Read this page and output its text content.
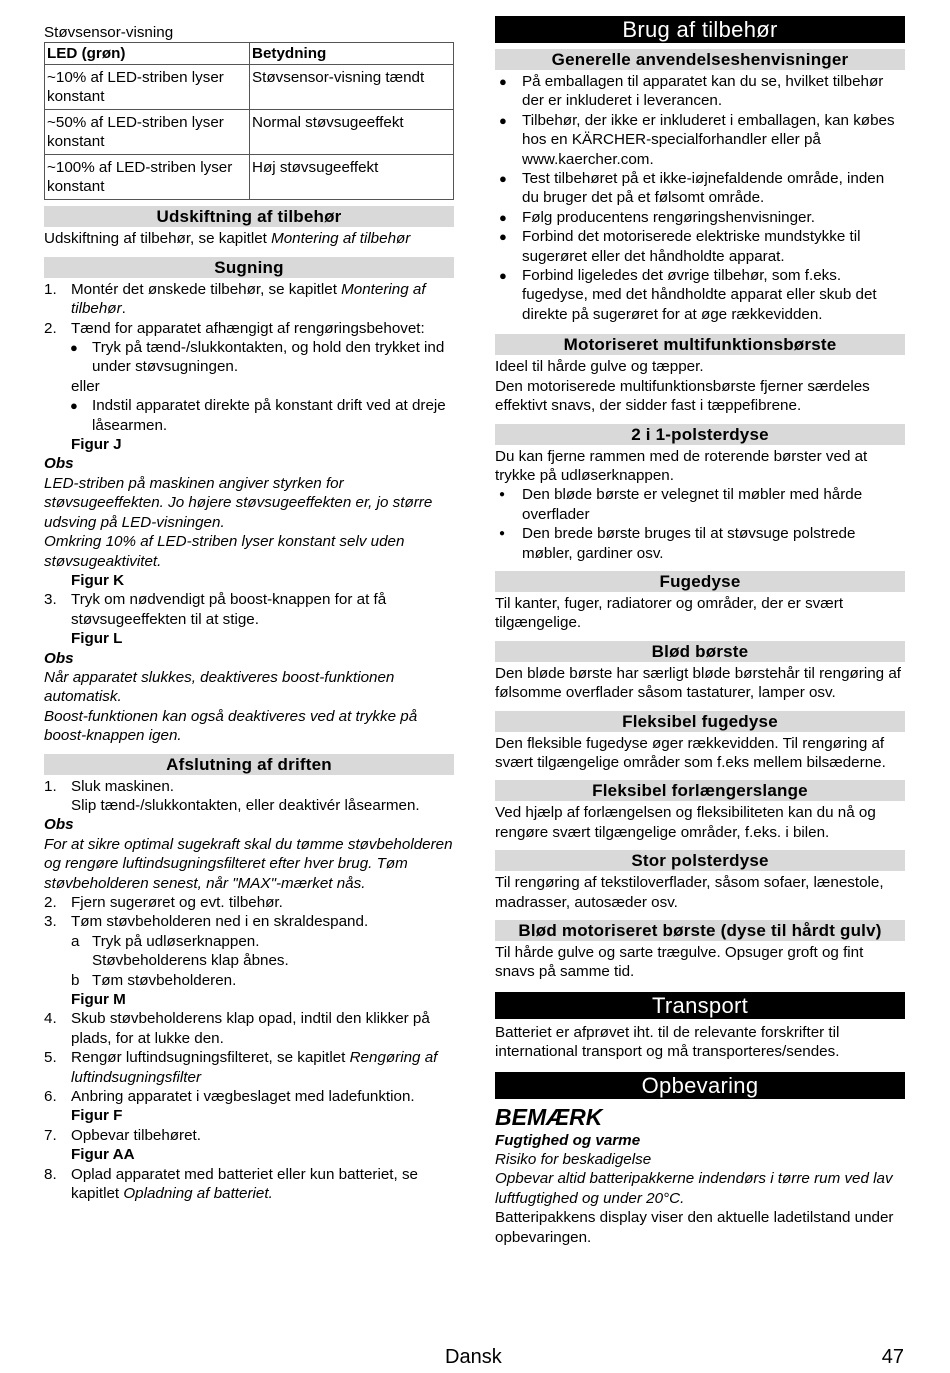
Støvsensor-visning

LED (grøn)	Betydning
~10% af LED-striben lyser konstant	Støvsensor-visning tændt
~50% af LED-striben lyser konstant	Normal støvsugeeffekt
~100% af LED-striben lyser konstant	Høj støvsugeeffekt
Udskiftning af tilbehør

Udskiftning af tilbehør, se kapitlet Montering af tilbehør

Sugning
1. Montér det ønskede tilbehør, se kapitlet Montering af tilbehør.
2. Tænd for apparatet afhængigt af rengøringsbehovet:
● Tryk på tænd-/slukkontakten, og hold den trykket ind under støvsugningen.

eller

● Indstil apparatet direkte på konstant drift ved at dreje låsearmen.

Figur J

Obs

LED-striben på maskinen angiver styrken for støvsugeeffekten. Jo højere støvsugeeffekten er, jo større udsving på LED-visningen.

Omkring 10% af LED-striben lyser konstant selv uden støvsugeaktivitet.

Figur K

3. Tryk om nødvendigt på boost-knappen for at få støvsugeeffekten til at stige.

Figur L

Obs

Når apparatet slukkes, deaktiveres boost-funktionen automatisk.

Boost-funktionen kan også deaktiveres ved at trykke på boost-knappen igen.

Afslutning af driften
1. Sluk maskinen.

Slip tænd-/slukkontakten, eller deaktivér låsearmen.

Obs

For at sikre optimal sugekraft skal du tømme støvbeholderen og rengøre luftindsugningsfilteret efter hver brug. Tøm støvbeholderen senest, når "MAX"-mærket nås.

2. Fjern sugerøret og evt. tilbehør.
3. Tøm støvbeholderen ned i en skraldespand.
a Tryk på udløserknappen.

Støvbeholderens klap åbnes.

b Tøm støvbeholderen.

Figur M

4. Skub støvbeholderens klap opad, indtil den klikker på plads, for at lukke den.
5. Rengør luftindsugningsfilteret, se kapitlet Rengøring af luftindsugningsfilter
6. Anbring apparatet i vægbeslaget med ladefunktion.

Figur F

7. Opbevar tilbehøret.

Figur AA

8. Oplad apparatet med batteriet eller kun batteriet, se kapitlet Opladning af batteriet.
Brug af tilbehør
Generelle anvendelseshenvisninger
● På emballagen til apparatet kan du se, hvilket tilbehør der er inkluderet i leverancen.
● Tilbehør, der ikke er inkluderet i emballagen, kan købes hos en KÄRCHER-specialforhandler eller på www.kaercher.com.
● Test tilbehøret på et ikke-iøjnefaldende område, inden du bruger det på et følsomt område.
● Følg producentens rengøringshenvisninger.
● Forbind det motoriserede elektriske mundstykke til sugerøret eller det håndholdte apparat.
● Forbind ligeledes det øvrige tilbehør, som f.eks. fugedyse, med det håndholdte apparat eller skub det direkte på sugerøret for at øge rækkevidden.
Motoriseret multifunktionsbørste

Ideel til hårde gulve og tæpper.

Den motoriserede multifunktionsbørste fjerner særdeles effektivt snavs, der sidder fast i tæppefibrene.

2 i 1-polsterdyse

Du kan fjerne rammen med de roterende børster ved at trykke på udløserknappen.

● Den bløde børste er velegnet til møbler med hårde overflader
● Den brede børste bruges til at støvsuge polstrede møbler, gardiner osv.
Fugedyse

Til kanter, fuger, radiatorer og områder, der er svært tilgængelige.

Blød børste

Den bløde børste har særligt bløde børstehår til rengøring af følsomme overflader såsom tastaturer, lamper osv.

Fleksibel fugedyse

Den fleksible fugedyse øger rækkevidden. Til rengøring af svært tilgængelige områder som f.eks mellem bilsæderne.

Fleksibel forlængerslange

Ved hjælp af forlængelsen og fleksibiliteten kan du nå og rengøre svært tilgængelige områder, f.eks. i bilen.

Stor polsterdyse

Til rengøring af tekstiloverflader, såsom sofaer, lænestole, madrasser, autosæder osv.

Blød motoriseret børste (dyse til hårdt gulv)

Til hårde gulve og sarte trægulve. Opsuger groft og fint snavs på samme tid.

Transport

Batteriet er afprøvet iht. til de relevante forskrifter til international transport og må transporteres/sendes.

Opbevaring
BEMÆRK

Fugtighed og varme

Risiko for beskadigelse

Opbevar altid batteripakkerne indendørs i tørre rum ved lav luftfugtighed og under 20°C.

Batteripakkens display viser den aktuelle ladetilstand under opbevaringen.

Dansk	47
